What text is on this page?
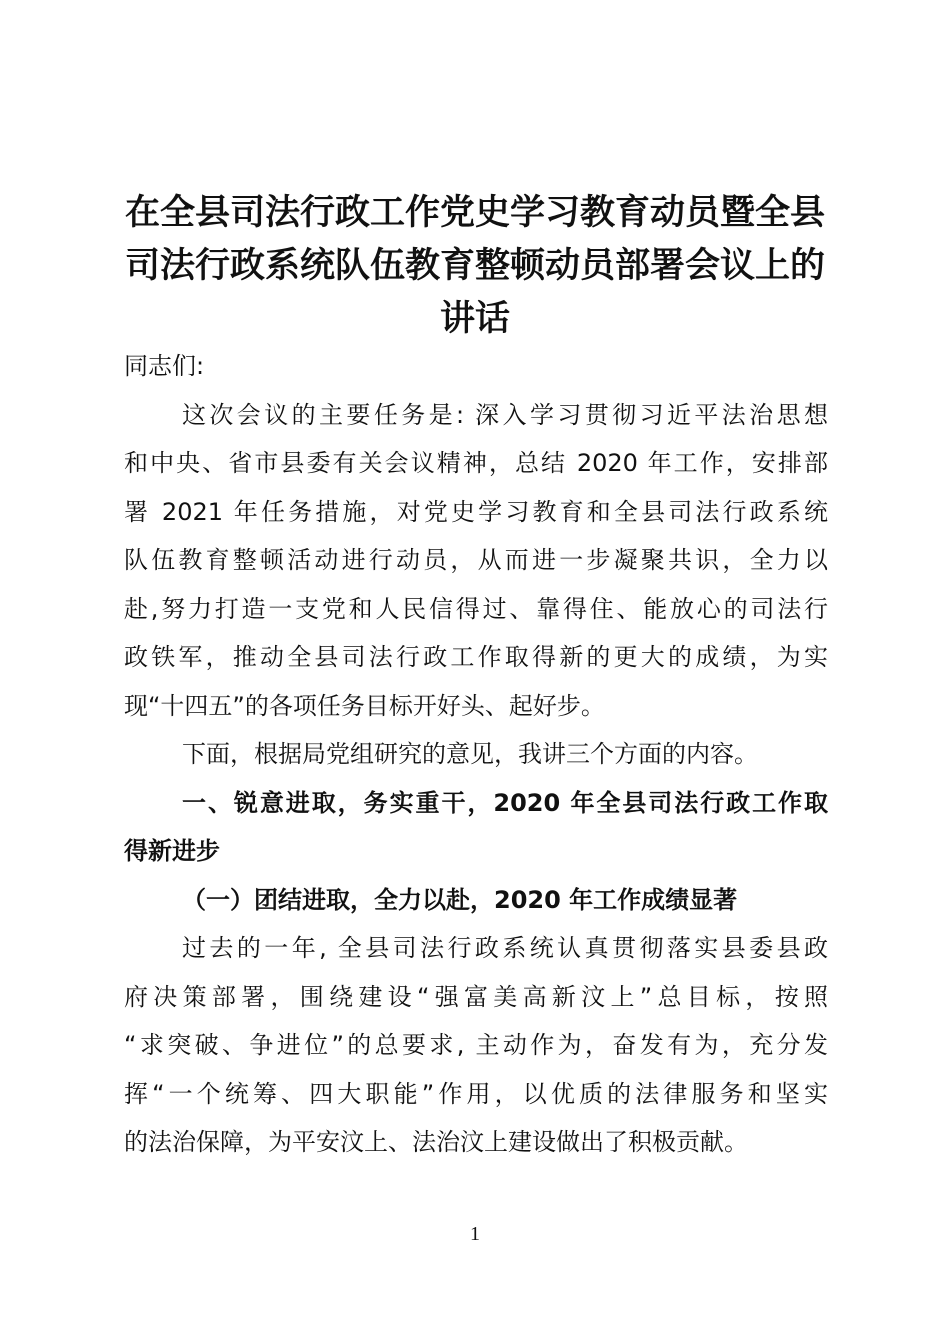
在全县司法行政工作党史学习教育动员暨全县
司法行政系统队伍教育整顿动员部署会议上的
讲话

同志们:

这次会议的主要任务是: 深入学习贯彻习近平法治思想
和中央、省市县委有关会议精神，总结 2020 年工作，安排部
署 2021 年任务措施，对党史学习教育和全县司法行政系统
队伍教育整顿活动进行动员，从而进一步凝聚共识，全力以
赴,努力打造一支党和人民信得过、靠得住、能放心的司法行
政铁军，推动全县司法行政工作取得新的更大的成绩，为实
现“十四五”的各项任务目标开好头、起好步。

下面，根据局党组研究的意见，我讲三个方面的内容。

一、锐意进取，务实重干，2020 年全县司法行政工作取
得新进步

（一）团结进取，全力以赴，2020 年工作成绩显著

过去的一年, 全县司法行政系统认真贯彻落实县委县政
府决策部署，围绕建设“强富美高新汶上”总目标，按照
“求突破、争进位”的总要求, 主动作为，奋发有为，充分发
挥“一个统筹、四大职能”作用，以优质的法律服务和坚实
的法治保障，为平安汶上、法治汶上建设做出了积极贡献。

1
